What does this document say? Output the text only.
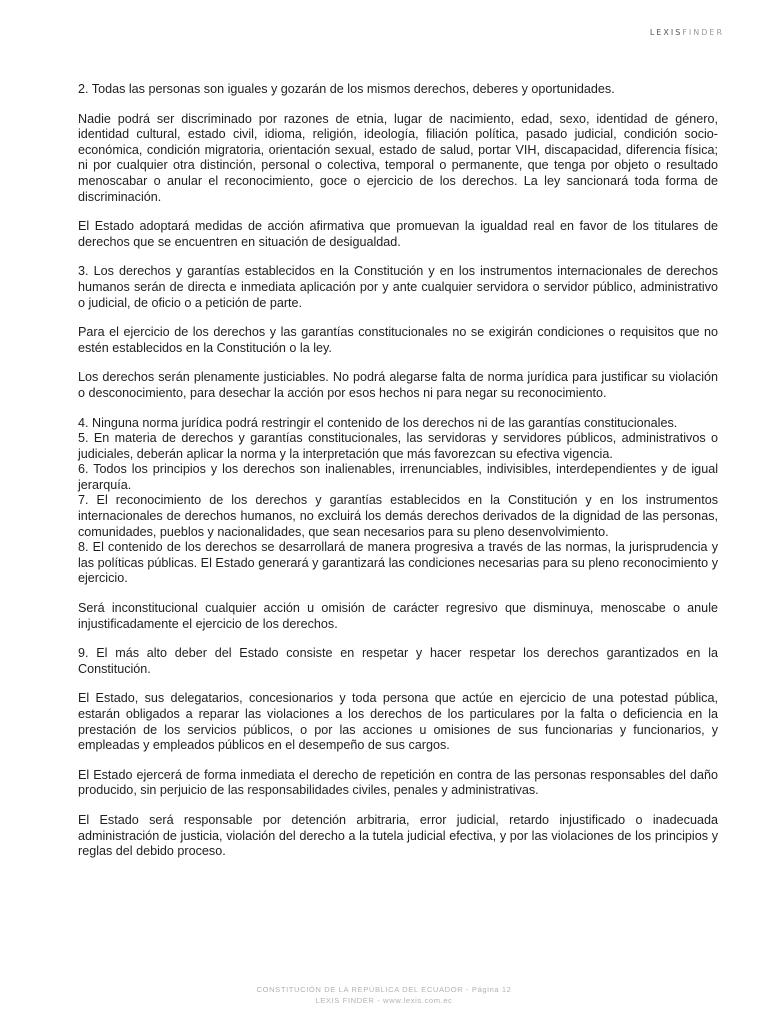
LEXISFINDER

2. Todas las personas son iguales y gozarán de los mismos derechos, deberes y oportunidades.

Nadie podrá ser discriminado por razones de etnia, lugar de nacimiento, edad, sexo, identidad de género, identidad cultural, estado civil, idioma, religión, ideología, filiación política, pasado judicial, condición socio-económica, condición migratoria, orientación sexual, estado de salud, portar VIH, discapacidad, diferencia física; ni por cualquier otra distinción, personal o colectiva, temporal o permanente, que tenga por objeto o resultado menoscabar o anular el reconocimiento, goce o ejercicio de los derechos. La ley sancionará toda forma de discriminación.

El Estado adoptará medidas de acción afirmativa que promuevan la igualdad real en favor de los titulares de derechos que se encuentren en situación de desigualdad.

3. Los derechos y garantías establecidos en la Constitución y en los instrumentos internacionales de derechos humanos serán de directa e inmediata aplicación por y ante cualquier servidora o servidor público, administrativo o judicial, de oficio o a petición de parte.

Para el ejercicio de los derechos y las garantías constitucionales no se exigirán condiciones o requisitos que no estén establecidos en la Constitución o la ley.

Los derechos serán plenamente justiciables. No podrá alegarse falta de norma jurídica para justificar su violación o desconocimiento, para desechar la acción por esos hechos ni para negar su reconocimiento.

4. Ninguna norma jurídica podrá restringir el contenido de los derechos ni de las garantías constitucionales.

5. En materia de derechos y garantías constitucionales, las servidoras y servidores públicos, administrativos o judiciales, deberán aplicar la norma y la interpretación que más favorezcan su efectiva vigencia.

6. Todos los principios y los derechos son inalienables, irrenunciables, indivisibles, interdependientes y de igual jerarquía.

7. El reconocimiento de los derechos y garantías establecidos en la Constitución y en los instrumentos internacionales de derechos humanos, no excluirá los demás derechos derivados de la dignidad de las personas, comunidades, pueblos y nacionalidades, que sean necesarios para su pleno desenvolvimiento.

8. El contenido de los derechos se desarrollará de manera progresiva a través de las normas, la jurisprudencia y las políticas públicas. El Estado generará y garantizará las condiciones necesarias para su pleno reconocimiento y ejercicio.

Será inconstitucional cualquier acción u omisión de carácter regresivo que disminuya, menoscabe o anule injustificadamente el ejercicio de los derechos.

9. El más alto deber del Estado consiste en respetar y hacer respetar los derechos garantizados en la Constitución.

El Estado, sus delegatarios, concesionarios y toda persona que actúe en ejercicio de una potestad pública, estarán obligados a reparar las violaciones a los derechos de los particulares por la falta o deficiencia en la prestación de los servicios públicos, o por las acciones u omisiones de sus funcionarias y funcionarios, y empleadas y empleados públicos en el desempeño de sus cargos.

El Estado ejercerá de forma inmediata el derecho de repetición en contra de las personas responsables del daño producido, sin perjuicio de las responsabilidades civiles, penales y administrativas.

El Estado será responsable por detención arbitraria, error judicial, retardo injustificado o inadecuada administración de justicia, violación del derecho a la tutela judicial efectiva, y por las violaciones de los principios y reglas del debido proceso.

CONSTITUCIÓN DE LA REPÚBLICA DEL ECUADOR - Página 12
LEXIS FINDER - www.lexis.com.ec
